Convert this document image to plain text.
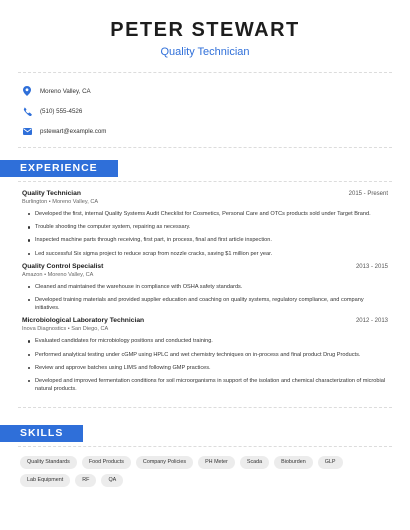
PETER STEWART
Quality Technician
Moreno Valley, CA
(510) 555-4526
pstewart@example.com
EXPERIENCE
Quality Technician	2015 - Present
Burlington • Moreno Valley, CA
Developed the first, internal Quality Systems Audit Checklist for Cosmetics, Personal Care and OTCs products sold under Target Brand.
Trouble shooting the computer system, repairing as necessary.
Inspected machine parts through receiving, first part, in process, final and first article inspection.
Led successful Six sigma project to reduce scrap from nozzle cracks, saving $1 million per year.
Quality Control Specialist	2013 - 2015
Amazon • Moreno Valley, CA
Cleaned and maintained the warehouse in compliance with OSHA safety standards.
Developed training materials and provided supplier education and coaching on quality systems, regulatory compliance, and company initiatives.
Microbiological Laboratory Technician	2012 - 2013
Inova Diagnostics • San Diego, CA
Evaluated candidates for microbiology positions and conducted training.
Performed analytical testing under cGMP using HPLC and wet chemistry techniques on in-process and final product Drug Products.
Review and approve batches using LIMS and following GMP practices.
Developed and improved fermentation conditions for soil microorganisms in support of the isolation and chemical characterization of microbial natural products.
SKILLS
Quality Standards	Food Products	Company Policies	PH Meter	Scada	Bioburden	GLP
Lab Equipment	RF	QA
